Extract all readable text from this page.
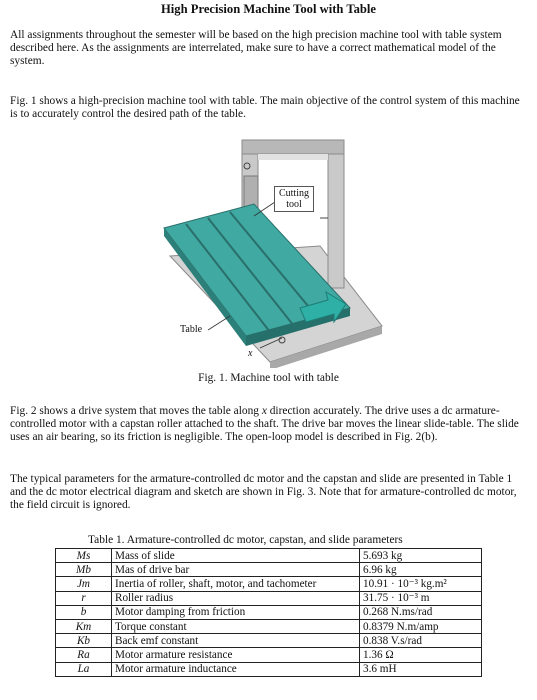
High Precision Machine Tool with Table

All assignments throughout the semester will be based on the high precision machine tool with table system described here. As the assignments are interrelated, make sure to have a correct mathematical model of the system.

Fig. 1 shows a high-precision machine tool with table. The main objective of the control system of this machine is to accurately control the desired path of the table.

Cutting tool
Table
x
Fig. 1. Machine tool with table

Fig. 2 shows a drive system that moves the table along x direction accurately. The drive uses a dc armature-controlled motor with a capstan roller attached to the shaft. The drive bar moves the linear slide-table. The slide uses an air bearing, so its friction is negligible. The open-loop model is described in Fig. 2(b).

The typical parameters for the armature-controlled dc motor and the capstan and slide are presented in Table 1 and the dc motor electrical diagram and sketch are shown in Fig. 3. Note that for armature-controlled dc motor, the field circuit is ignored.

Table 1. Armature-controlled dc motor, capstan, and slide parameters
Ms	Mass of slide	5.693 kg
Mb	Mas of drive bar	6.96 kg
Jm	Inertia of roller, shaft, motor, and tachometer	10.91 · 10⁻³ kg.m²
r	Roller radius	31.75 · 10⁻³ m
b	Motor damping from friction	0.268 N.ms/rad
Km	Torque constant	0.8379 N.m/amp
Kb	Back emf constant	0.838 V.s/rad
Ra	Motor armature resistance	1.36 Ω
La	Motor armature inductance	3.6 mH
